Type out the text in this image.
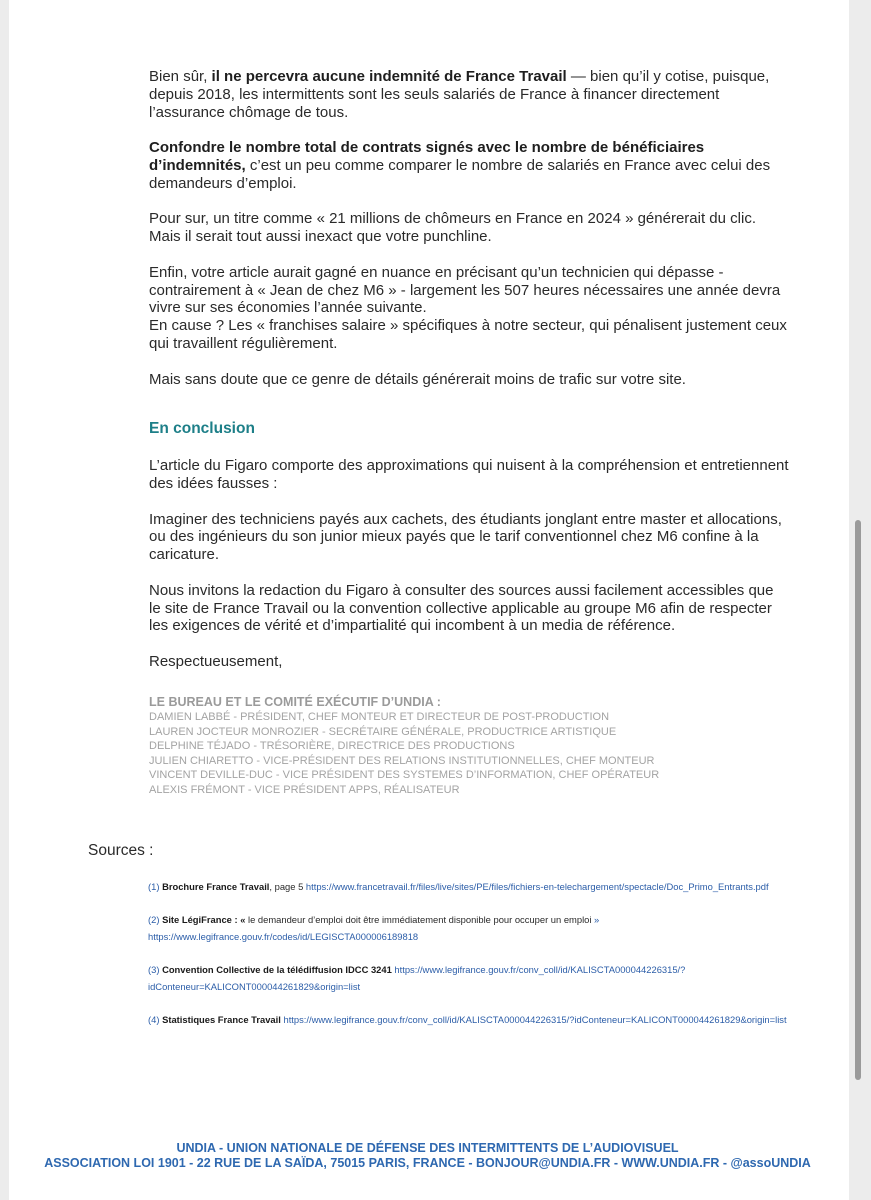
Bien sûr, il ne percevra aucune indemnité de France Travail — bien qu’il y cotise, puisque, depuis 2018, les intermittents sont les seuls salariés de France à financer directement l’assurance chômage de tous.

Confondre le nombre total de contrats signés avec le nombre de bénéficiaires d’indemnités, c’est un peu comme comparer le nombre de salariés en France avec celui des demandeurs d’emploi.

Pour sur, un titre comme « 21 millions de chômeurs en France en 2024 » générerait du clic. Mais il serait tout aussi inexact que votre punchline.

Enfin, votre article aurait gagné en nuance en précisant qu’un technicien qui dépasse - contrairement à « Jean de chez M6 » - largement les 507 heures nécessaires une année devra vivre sur ses économies l’année suivante.
En cause ? Les « franchises salaire » spécifiques à notre secteur, qui pénalisent justement ceux qui travaillent régulièrement.

Mais sans doute que ce genre de détails générerait moins de trafic sur votre site.

En conclusion

L’article du Figaro comporte des approximations qui nuisent à la compréhension et entretiennent des idées fausses :

Imaginer des techniciens payés aux cachets, des étudiants jonglant entre master et allocations, ou des ingénieurs du son junior mieux payés que le tarif conventionnel chez M6 confine à la caricature.

Nous invitons la redaction du Figaro à consulter des sources aussi facilement accessibles que le site de France Travail ou la convention collective applicable au groupe M6 afin de respecter les exigences de vérité et d’impartialité qui incombent à un media de référence.

Respectueusement,

LE BUREAU ET LE COMITÉ EXÉCUTIF D’UNDIA :
DAMIEN LABBÉ - PRÉSIDENT, CHEF MONTEUR ET DIRECTEUR DE POST-PRODUCTION
LAUREN JOCTEUR MONROZIER - SECRÉTAIRE GÉNÉRALE, PRODUCTRICE ARTISTIQUE
DELPHINE TÉJADO - TRÉSORIÈRE, DIRECTRICE DES PRODUCTIONS
JULIEN CHIARETTO - VICE-PRÉSIDENT DES RELATIONS INSTITUTIONNELLES, CHEF MONTEUR
VINCENT DEVILLE-DUC - VICE PRÉSIDENT DES SYSTEMES D’INFORMATION, CHEF OPÉRATEUR
ALEXIS FRÉMONT - VICE PRÉSIDENT APPS, RÉALISATEUR
Sources :
(1) Brochure France Travail, page 5 https://www.francetravail.fr/files/live/sites/PE/files/fichiers-en-telechargement/spectacle/Doc_Primo_Entrants.pdf
(2) Site LégiFrance : « le demandeur d’emploi doit être immédiatement disponible pour occuper un emploi » https://www.legifrance.gouv.fr/codes/id/LEGISCTA000006189818
(3) Convention Collective de la télédiffusion IDCC 3241 https://www.legifrance.gouv.fr/conv_coll/id/KALISCTA000044226315/?idConteneur=KALICONT000044261829&origin=list
(4) Statistiques France Travail https://www.legifrance.gouv.fr/conv_coll/id/KALISCTA000044226315/?idConteneur=KALICONT000044261829&origin=list
UNDIA - UNION NATIONALE DE DÉFENSE DES INTERMITTENTS DE L’AUDIOVISUEL
ASSOCIATION LOI 1901 - 22 RUE DE LA SAÏDA, 75015 PARIS, FRANCE - BONJOUR@UNDIA.FR - WWW.UNDIA.FR - @assoUNDIA
